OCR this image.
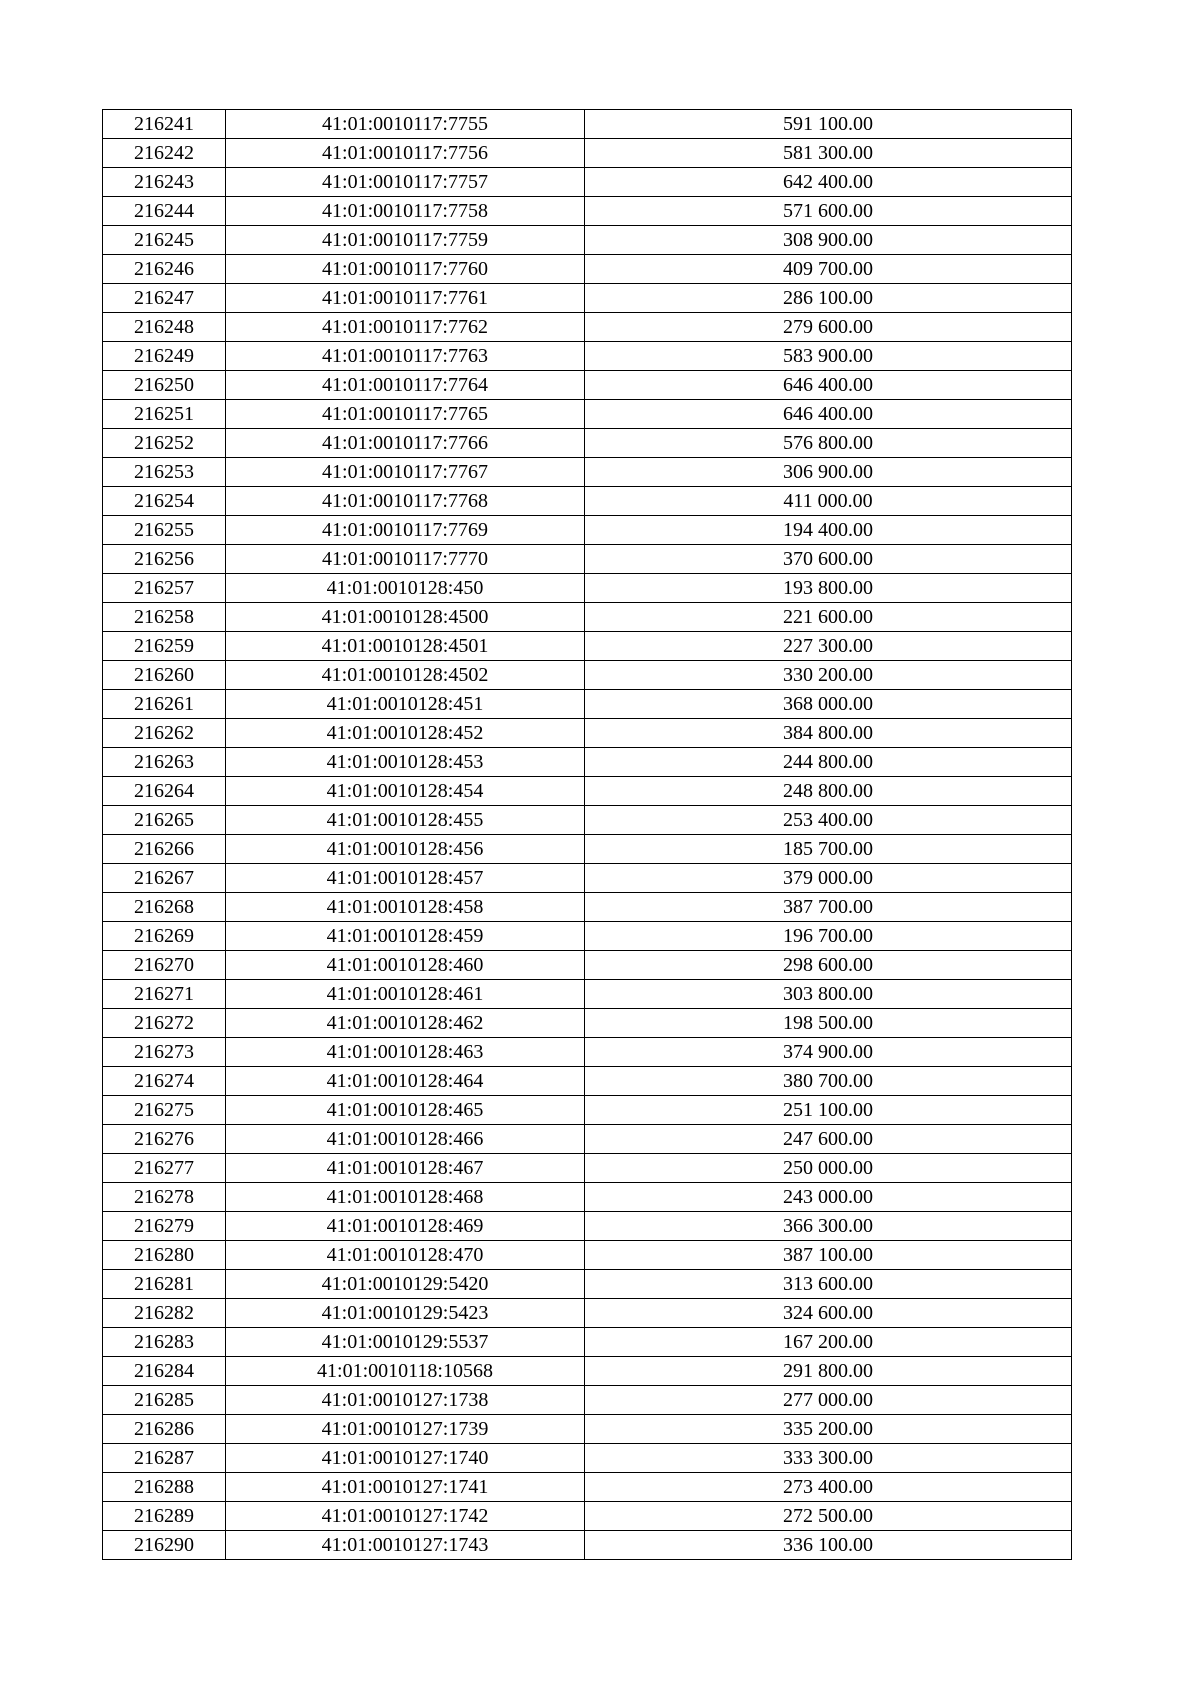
216241	41:01:0010117:7755	591 100.00
216242	41:01:0010117:7756	581 300.00
216243	41:01:0010117:7757	642 400.00
216244	41:01:0010117:7758	571 600.00
216245	41:01:0010117:7759	308 900.00
216246	41:01:0010117:7760	409 700.00
216247	41:01:0010117:7761	286 100.00
216248	41:01:0010117:7762	279 600.00
216249	41:01:0010117:7763	583 900.00
216250	41:01:0010117:7764	646 400.00
216251	41:01:0010117:7765	646 400.00
216252	41:01:0010117:7766	576 800.00
216253	41:01:0010117:7767	306 900.00
216254	41:01:0010117:7768	411 000.00
216255	41:01:0010117:7769	194 400.00
216256	41:01:0010117:7770	370 600.00
216257	41:01:0010128:450	193 800.00
216258	41:01:0010128:4500	221 600.00
216259	41:01:0010128:4501	227 300.00
216260	41:01:0010128:4502	330 200.00
216261	41:01:0010128:451	368 000.00
216262	41:01:0010128:452	384 800.00
216263	41:01:0010128:453	244 800.00
216264	41:01:0010128:454	248 800.00
216265	41:01:0010128:455	253 400.00
216266	41:01:0010128:456	185 700.00
216267	41:01:0010128:457	379 000.00
216268	41:01:0010128:458	387 700.00
216269	41:01:0010128:459	196 700.00
216270	41:01:0010128:460	298 600.00
216271	41:01:0010128:461	303 800.00
216272	41:01:0010128:462	198 500.00
216273	41:01:0010128:463	374 900.00
216274	41:01:0010128:464	380 700.00
216275	41:01:0010128:465	251 100.00
216276	41:01:0010128:466	247 600.00
216277	41:01:0010128:467	250 000.00
216278	41:01:0010128:468	243 000.00
216279	41:01:0010128:469	366 300.00
216280	41:01:0010128:470	387 100.00
216281	41:01:0010129:5420	313 600.00
216282	41:01:0010129:5423	324 600.00
216283	41:01:0010129:5537	167 200.00
216284	41:01:0010118:10568	291 800.00
216285	41:01:0010127:1738	277 000.00
216286	41:01:0010127:1739	335 200.00
216287	41:01:0010127:1740	333 300.00
216288	41:01:0010127:1741	273 400.00
216289	41:01:0010127:1742	272 500.00
216290	41:01:0010127:1743	336 100.00
